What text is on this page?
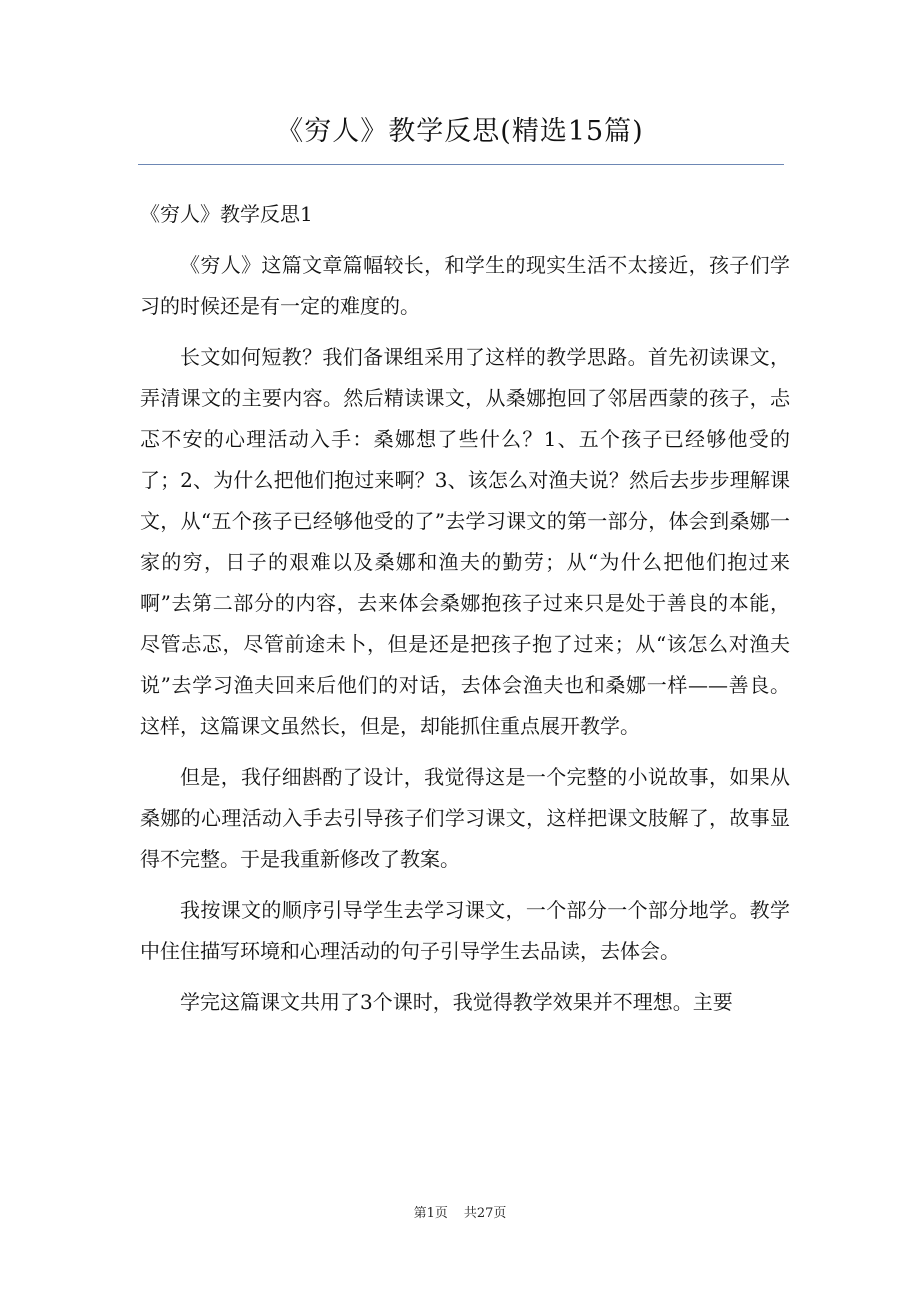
《穷人》教学反思(精选15篇)

《穷人》教学反思1

《穷人》这篇文章篇幅较长，和学生的现实生活不太接近，孩子们学习的时候还是有一定的难度的。

长文如何短教？我们备课组采用了这样的教学思路。首先初读课文，弄清课文的主要内容。然后精读课文，从桑娜抱回了邻居西蒙的孩子，忐忑不安的心理活动入手：桑娜想了些什么？1、五个孩子已经够他受的了；2、为什么把他们抱过来啊？3、该怎么对渔夫说？然后去步步理解课文，从“五个孩子已经够他受的了”去学习课文的第一部分，体会到桑娜一家的穷，日子的艰难以及桑娜和渔夫的勤劳；从“为什么把他们抱过来啊”去第二部分的内容，去来体会桑娜抱孩子过来只是处于善良的本能，尽管忐忑，尽管前途未卜，但是还是把孩子抱了过来；从“该怎么对渔夫说”去学习渔夫回来后他们的对话，去体会渔夫也和桑娜一样——善良。这样，这篇课文虽然长，但是，却能抓住重点展开教学。

但是，我仔细斟酌了设计，我觉得这是一个完整的小说故事，如果从桑娜的心理活动入手去引导孩子们学习课文，这样把课文肢解了，故事显得不完整。于是我重新修改了教案。

我按课文的顺序引导学生去学习课文，一个部分一个部分地学。教学中住住描写环境和心理活动的句子引导学生去品读，去体会。

学完这篇课文共用了3个课时，我觉得教学效果并不理想。主要

第1页 共27页
